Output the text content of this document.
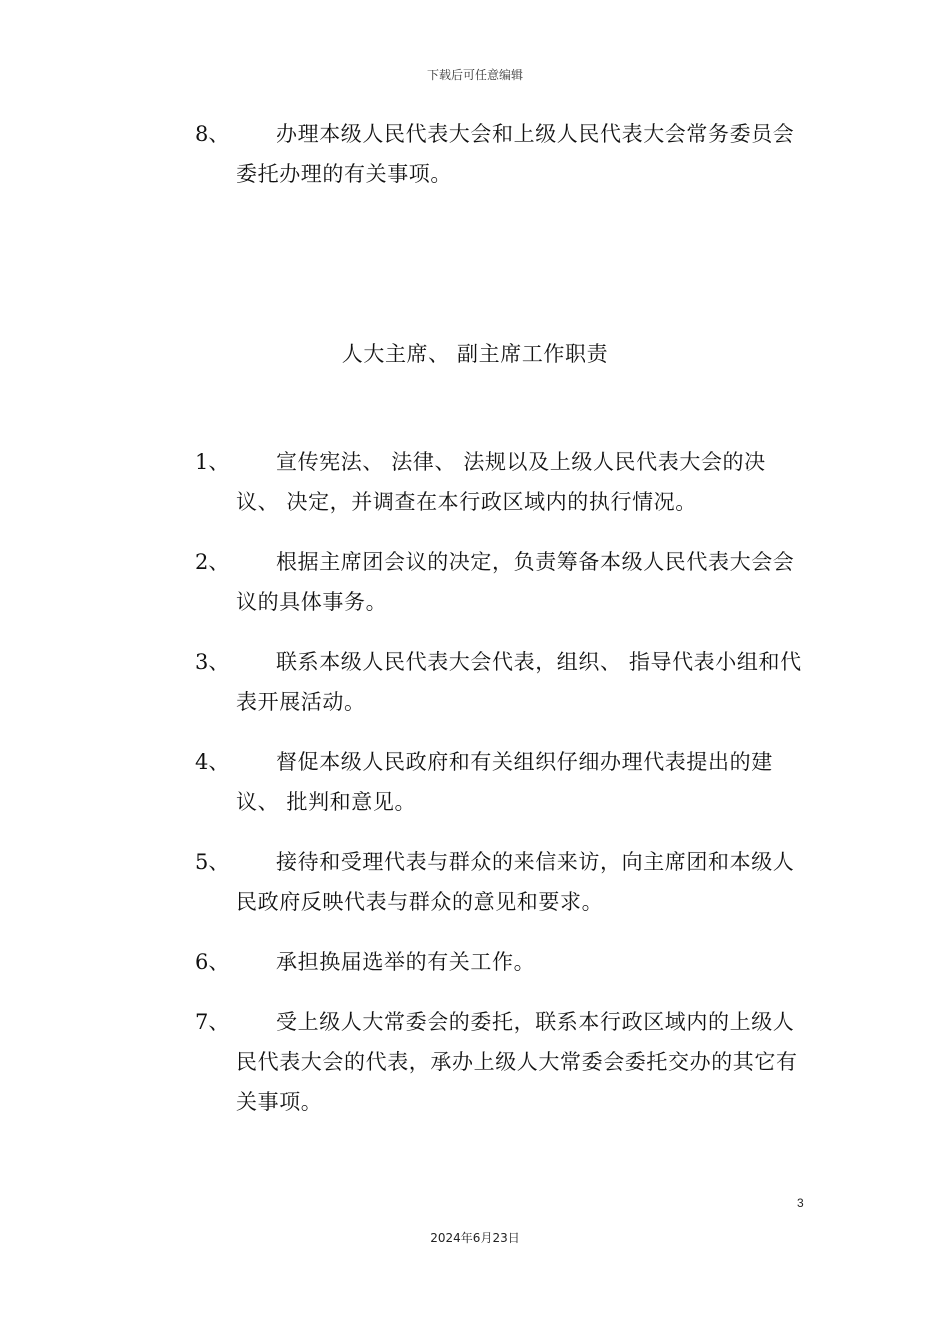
下载后可任意编辑
8、	办理本级人民代表大会和上级人民代表大会常务委员会委托办理的有关事项。
人大主席、 副主席工作职责
1、	宣传宪法、 法律、 法规以及上级人民代表大会的决议、 决定，并调查在本行政区域内的执行情况。
2、	根据主席团会议的决定，负责筹备本级人民代表大会会议的具体事务。
3、	联系本级人民代表大会代表，组织、 指导代表小组和代表开展活动。
4、	督促本级人民政府和有关组织仔细办理代表提出的建议、 批判和意见。
5、	接待和受理代表与群众的来信来访，向主席团和本级人民政府反映代表与群众的意见和要求。
6、	承担换届选举的有关工作。
7、	受上级人大常委会的委托，联系本行政区域内的上级人民代表大会的代表，承办上级人大常委会委托交办的其它有关事项。
3
2024年6月23日
